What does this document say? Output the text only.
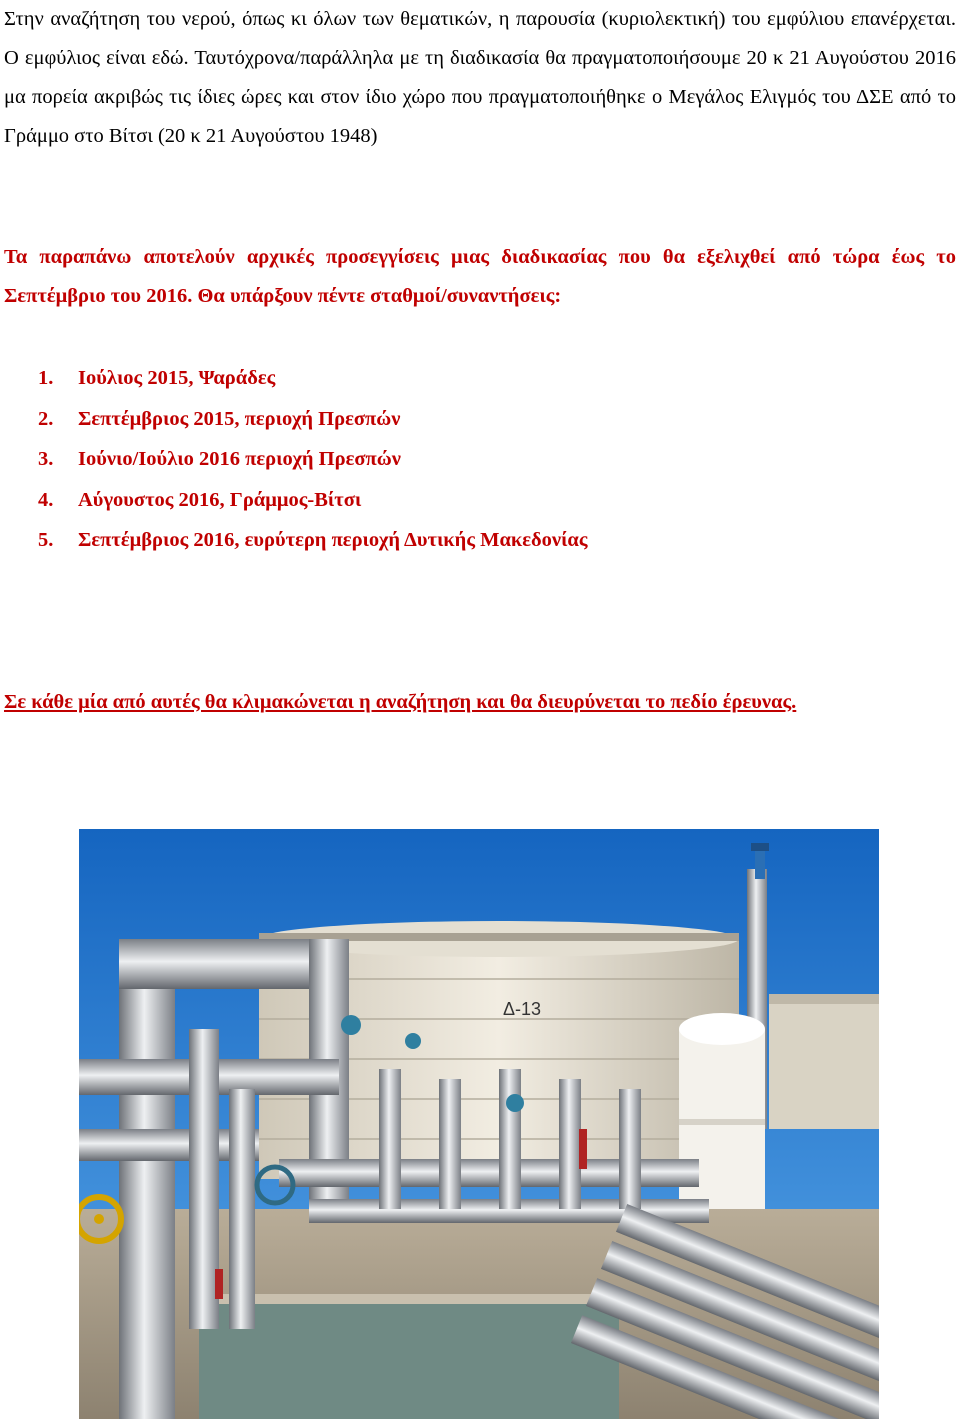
Στην αναζήτηση του νερού, όπως κι όλων των θεματικών, η παρουσία (κυριολεκτική) του εμφύλιου επανέρχεται. Ο εμφύλιος είναι εδώ. Ταυτόχρονα/παράλληλα με τη διαδικασία θα πραγματοποιήσουμε 20 κ 21 Αυγούστου 2016 μα πορεία ακριβώς τις ίδιες ώρες και στον ίδιο χώρο που πραγματοποιήθηκε ο Μεγάλος Ελιγμός του ΔΣΕ από το Γράμμο στο Βίτσι (20 κ 21 Αυγούστου 1948)

Τα παραπάνω αποτελούν αρχικές προσεγγίσεις μιας διαδικασίας που θα εξελιχθεί από τώρα έως το Σεπτέμβριο του 2016. Θα υπάρξουν πέντε σταθμοί/συναντήσεις:

1. Ιούλιος 2015, Ψαράδες
2. Σεπτέμβριος 2015, περιοχή Πρεσπών
3. Ιούνιο/Ιούλιο 2016 περιοχή Πρεσπών
4. Αύγουστος 2016, Γράμμος-Βίτσι
5. Σεπτέμβριος 2016, ευρύτερη περιοχή Δυτικής Μακεδονίας

Σε κάθε μία από αυτές θα κλιμακώνεται η αναζήτηση και θα διευρύνεται το πεδίο έρευνας.

Δ-13
